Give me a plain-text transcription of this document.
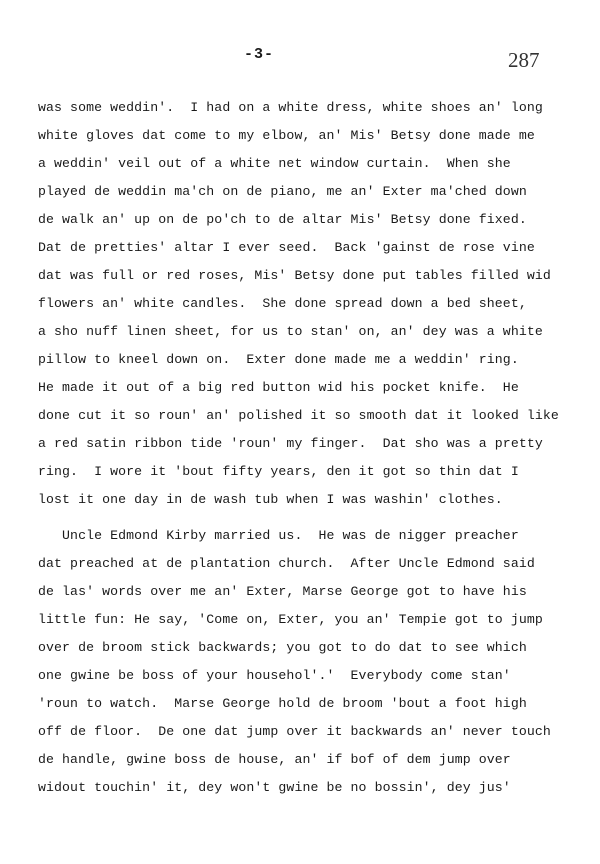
-3-	287
was some weddin'.  I had on a white dress, white shoes an' long
white gloves dat come to my elbow, an' Mis' Betsy done made me
a weddin' veil out of a white net window curtain.  When she
played de weddin ma'ch on de piano, me an' Exter ma'ched down
de walk an' up on de po'ch to de altar Mis' Betsy done fixed.
Dat de pretties' altar I ever seed.  Back 'gainst de rose vine
dat was full or red roses, Mis' Betsy done put tables filled wid
flowers an' white candles.  She done spread down a bed sheet,
a sho nuff linen sheet, for us to stan' on, an' dey was a white
pillow to kneel down on.  Exter done made me a weddin' ring.
He made it out of a big red button wid his pocket knife.  He
done cut it so roun' an' polished it so smooth dat it looked like
a red satin ribbon tide 'roun' my finger.  Dat sho was a pretty
ring.  I wore it 'bout fifty years, den it got so thin dat I
lost it one day in de wash tub when I was washin' clothes.
Uncle Edmond Kirby married us.  He was de nigger preacher
dat preached at de plantation church.  After Uncle Edmond said
de las' words over me an' Exter, Marse George got to have his
little fun: He say, 'Come on, Exter, you an' Tempie got to jump
over de broom stick backwards; you got to do dat to see which
one gwine be boss of your househol'.'  Everybody come stan'
'roun to watch.  Marse George hold de broom 'bout a foot high
off de floor.  De one dat jump over it backwards an' never touch
de handle, gwine boss de house, an' if bof of dem jump over
widout touchin' it, dey won't gwine be no bossin', dey jus'
